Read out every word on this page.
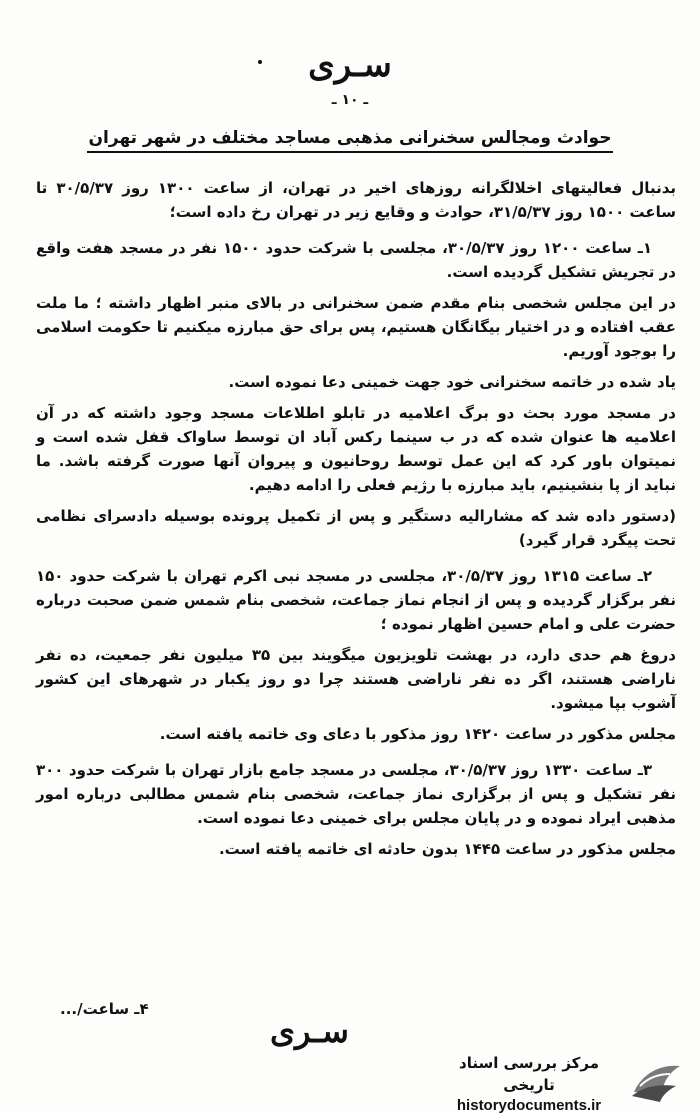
سـرى
ـ ١٠ ـ
حوادث ومجالس سخنرانى مذهبى مساجد مختلف در شهر تهران

بدنبال فعالیتهای اخلالگرانه روزهای اخیر در تهران، از ساعت ۱۳۰۰ روز ۳۰/۵/۳۷ تا ساعت ۱۵۰۰ روز ۳۱/۵/۳۷، حوادث و وقایع زیر در تهران رخ داده است؛

۱ـ ساعت ۱۲۰۰ روز ۳۰/۵/۳۷، مجلسی با شرکت حدود ۱۵۰۰ نفر در مسجد هفت واقع در تجریش تشکیل گردیده است.

در این مجلس شخصی بنام مقدم ضمن سخنرانی در بالای منبر اظهار داشته ؛ ما ملت عقب افتاده و در اختیار بیگانگان هستیم، پس برای حق مبارزه میکنیم تا حکومت اسلامی را بوجود آوریم.

یاد شده در خاتمه سخنرانی خود جهت خمینی دعا نموده است.

در مسجد مورد بحث دو برگ اعلامیه در تابلو اطلاعات مسجد وجود داشته که در آن اعلامیه ها عنوان شده که در ب سینما رکس آباد ان توسط ساواک قفل شده است و نمیتوان باور کرد که این عمل توسط روحانیون و پیروان آنها صورت گرفته باشد. ما نباید از پا بنشینیم، باید مبارزه با رژیم فعلی را ادامه دهیم.

(دستور داده شد که مشارالیه دستگیر و پس از تکمیل پرونده بوسیله دادسرای نظامی تحت پیگرد قرار گیرد)

۲ـ ساعت ۱۳۱۵ روز ۳۰/۵/۳۷، مجلسی در مسجد نبی اکرم تهران با شرکت حدود ۱۵۰ نفر برگزار گردیده و پس از انجام نماز جماعت، شخصی بنام شمس ضمن صحبت درباره حضرت علی و امام حسین اظهار نموده ؛

دروغ هم حدی دارد، در بهشت تلویزیون میگویند بین ۳۵ میلیون نفر جمعیت، ده نفر ناراضی هستند، اگر ده نفر ناراضی هستند چرا دو روز یکبار در شهرهای این کشور آشوب بپا میشود.

مجلس مذکور در ساعت ۱۴۲۰ روز مذکور با دعای وی خاتمه یافته است.

۳ـ ساعت ۱۳۳۰ روز ۳۰/۵/۳۷، مجلسی در مسجد جامع بازار تهران با شرکت حدود ۳۰۰ نفر تشکیل و پس از برگزاری نماز جماعت، شخصی بنام شمس مطالبی درباره امور مذهبی ایراد نموده و در پایان مجلس برای خمینی دعا نموده است.

مجلس مذکور در ساعت ۱۴۴۵ بدون حادثه ای خاتمه یافته است.

۴ـ ساعت/...
سـرى
مرکز بررسی اسناد تاریخی
historydocuments.ir
